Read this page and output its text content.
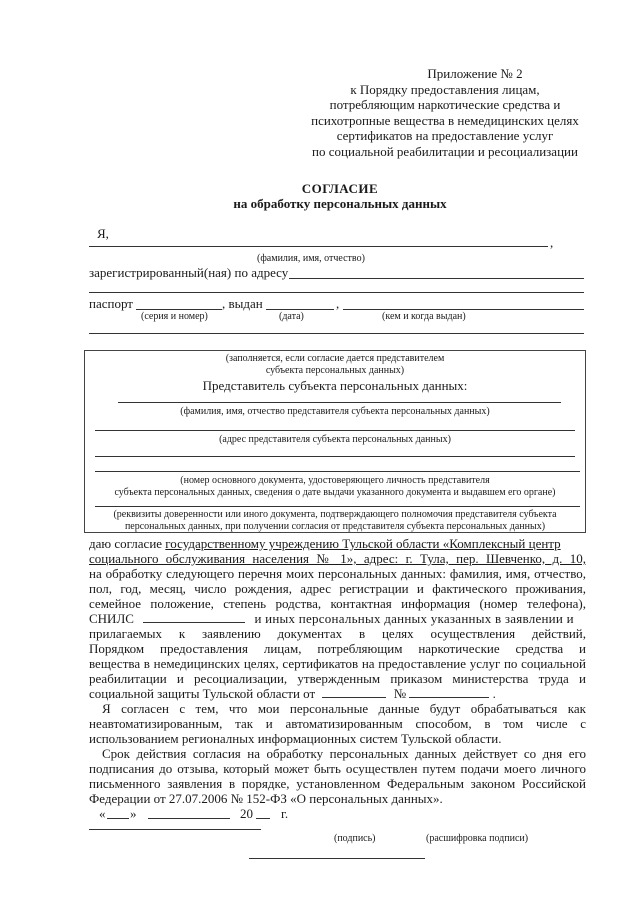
Приложение № 2
к Порядку предоставления лицам,
потребляющим наркотические средства и
психотропные вещества в немедицинских целях
сертификатов на предоставление услуг
по социальной реабилитации и ресоциализации
СОГЛАСИЕ
на обработку персональных данных
Я,
,
(фамилия, имя, отчество)
зарегистрированный(ная) по адресу
паспорт	, выдан	,
(серия и номер)	(дата)	(кем и когда выдан)
(заполняется, если согласие дается представителем
субъекта персональных данных)
Представитель субъекта персональных данных:
(фамилия, имя, отчество представителя субъекта персональных данных)
(адрес представителя субъекта персональных данных)
(номер основного документа, удостоверяющего личность представителя
субъекта персональных данных, сведения о дате выдачи указанного документа и выдавшем его органе)
(реквизиты доверенности или иного документа, подтверждающего полномочия представителя субъекта
персональных данных, при получении согласия от представителя субъекта персональных данных)
даю согласие государственному учреждению Тульской области «Комплексный центр
социального обслуживания населения № 1», адрес: г. Тула, пер. Шевченко, д. 10,
на обработку следующего перечня моих персональных данных: фамилия, имя, отчество,
пол, год, месяц, число рождения, адрес регистрации и фактического проживания,
семейное положение, степень родства, контактная информация (номер телефона),
СНИЛС	и иных персональных данных указанных в заявлении и
прилагаемых к заявлению документах в целях осуществления действий,
Порядком предоставления лицам, потребляющим наркотические средства и
вещества в немедицинских целях, сертификатов на предоставление услуг по социальной
реабилитации и ресоциализации, утвержденным приказом министерства труда и
социальной защиты Тульской области от	№	.
Я согласен с тем, что мои персональные данные будут обрабатываться как
неавтоматизированным, так и автоматизированным способом, в том числе с
использованием регионалных информационных систем Тульской области.
Срок действия согласия на обработку персональных данных действует со дня его
подписания до отзыва, который может быть осуществлен путем подачи моего личного
письменного заявления в порядке, установленном Федеральным законом Российской
Федерации от 27.07.2006 № 152-ФЗ «О персональных данных».
« »	20 г.
(подпись)	(расшифровка подписи)
